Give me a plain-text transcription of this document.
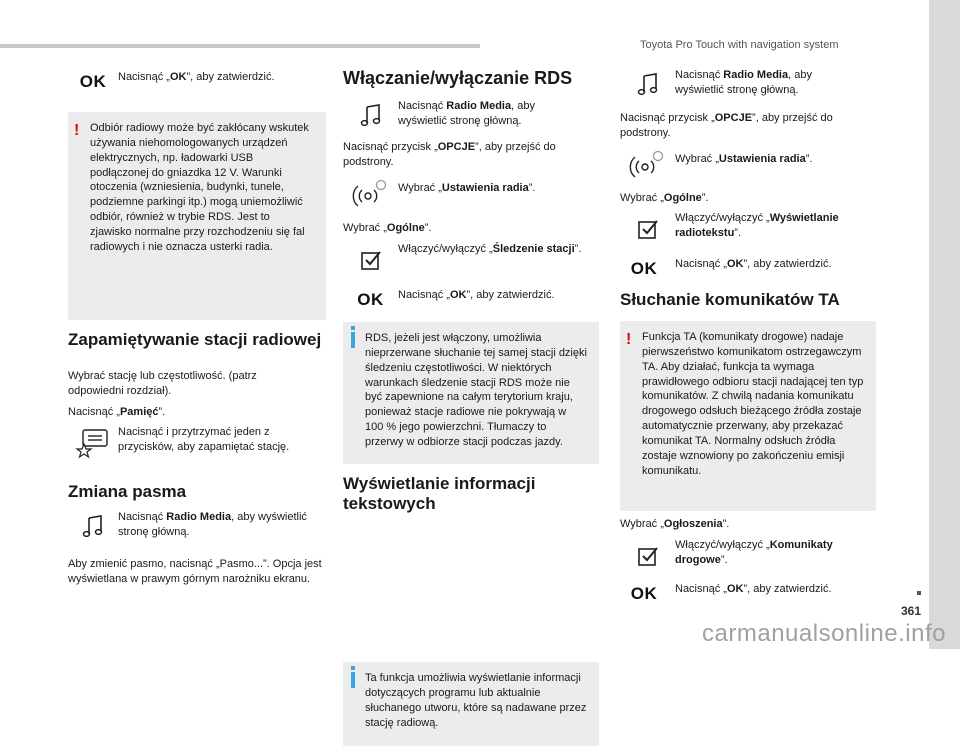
Toyota Pro Touch with navigation system
361
carmanualsonline.info
OK Nacisnąć „OK”, aby zatwierdzić.
! Odbiór radiowy może być zakłócany wskutek używania niehomologowanych urządzeń elektrycznych, np. ładowarki USB podłączonej do gniazdka 12 V. Warunki otoczenia (wzniesienia, budynki, tunele, podziemne parkingi itp.) mogą uniemożliwić odbiór, również w trybie RDS. Jest to zjawisko normalne przy rozchodzeniu się fal radiowych i nie oznacza usterki radia.
Zapamiętywanie stacji radiowej
Wybrać stację lub częstotliwość. (patrz odpowiedni rozdział).
Nacisnąć „Pamięć”.
Nacisnąć i przytrzymać jeden z przycisków, aby zapamiętać stację.
Zmiana pasma
Nacisnąć Radio Media, aby wyświetlić stronę główną.
Aby zmienić pasmo, nacisnąć „Pasmo...”. Opcja jest wyświetlana w prawym górnym narożniku ekranu.
Włączanie/wyłączanie RDS
Nacisnąć Radio Media, aby wyświetlić stronę główną.
Nacisnąć przycisk „OPCJE”, aby przejść do podstrony.
Wybrać „Ustawienia radia”.
Wybrać „Ogólne”.
Włączyć/wyłączyć „Śledzenie stacji”.
OK Nacisnąć „OK”, aby zatwierdzić.
RDS, jeżeli jest włączony, umożliwia nieprzerwane słuchanie tej samej stacji dzięki śledzeniu częstotliwości. W niektórych warunkach śledzenie stacji RDS może nie być zapewnione na całym terytorium kraju, ponieważ stacje radiowe nie pokrywają w 100 % jego powierzchni. Tłumaczy to przerwy w odbiorze stacji podczas jazdy.
Wyświetlanie informacji tekstowych
Ta funkcja umożliwia wyświetlanie informacji dotyczących programu lub aktualnie słuchanego utworu, które są nadawane przez stację radiową.
Nacisnąć Radio Media, aby wyświetlić stronę główną.
Nacisnąć przycisk „OPCJE”, aby przejść do podstrony.
Wybrać „Ustawienia radia”.
Wybrać „Ogólne”.
Włączyć/wyłączyć „Wyświetlanie radiotekstu”.
OK	Nacisnąć „OK”, aby zatwierdzić.
Słuchanie komunikatów TA
! Funkcja TA (komunikaty drogowe) nadaje pierwszeństwo komunikatom ostrzegawczym TA. Aby działać, funkcja ta wymaga prawidłowego odbioru stacji nadającej ten typ komunikatów. Z chwilą nadania komunikatu drogowego odsłuch bieżącego źródła zostaje automatycznie przerwany, aby przekazać komunikat TA. Normalny odsłuch źródła zostaje wznowiony po zakończeniu emisji komunikatu.
Wybrać „Ogłoszenia”.
Włączyć/wyłączyć „Komunikaty drogowe”.
OK	Nacisnąć „OK”, aby zatwierdzić.
